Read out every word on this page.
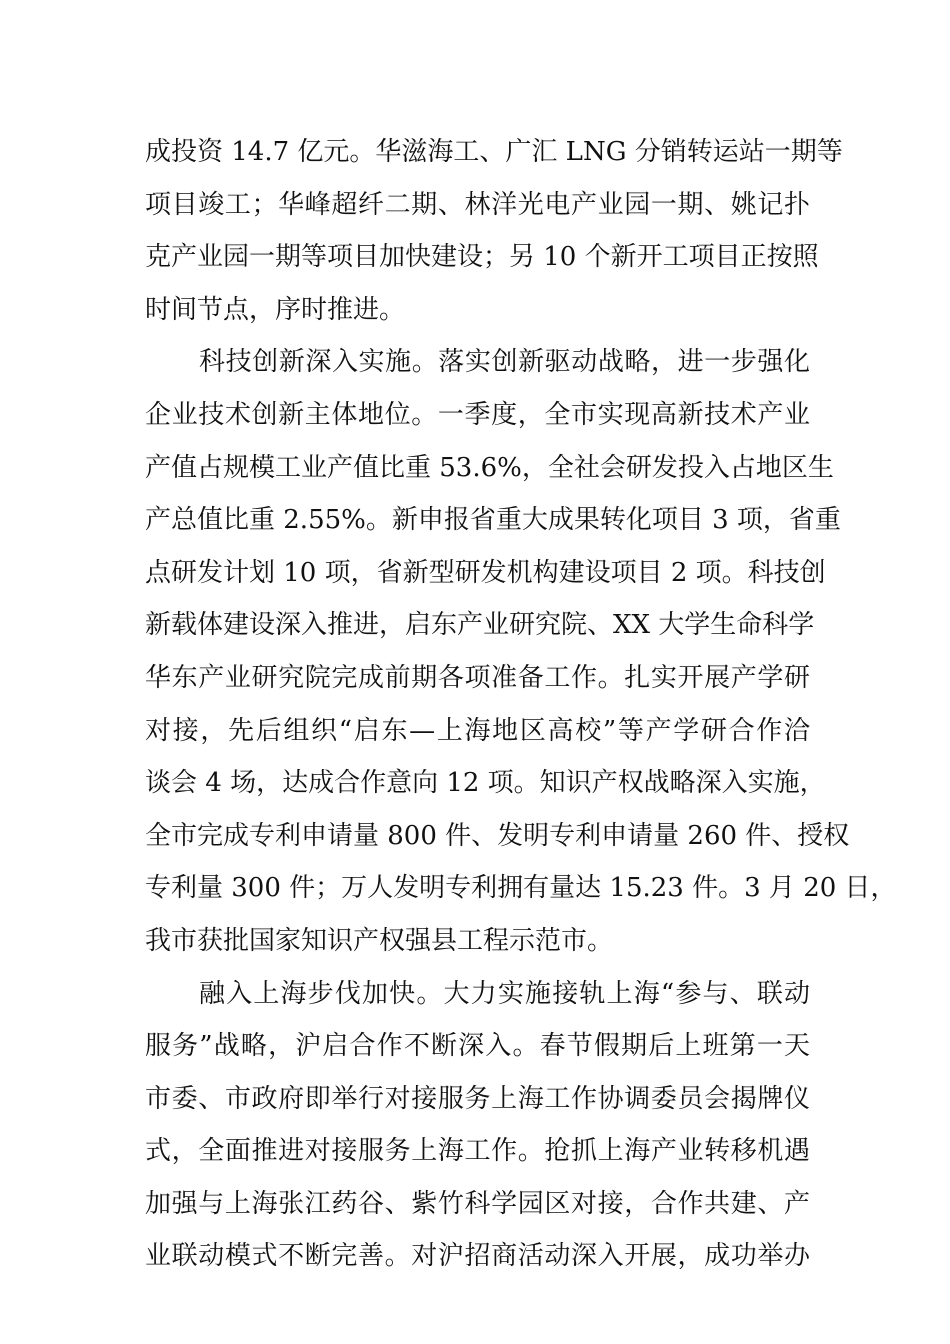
成投资 14.7 亿元。华滋海工、广汇 LNG 分销转运站一期等
项目竣工；华峰超纤二期、林洋光电产业园一期、姚记扑
克产业园一期等项目加快建设；另 10 个新开工项目正按照
时间节点，序时推进。
科技创新深入实施。落实创新驱动战略，进一步强化
企业技术创新主体地位。一季度，全市实现高新技术产业
产值占规模工业产值比重 53.6%，全社会研发投入占地区生
产总值比重 2.55%。新申报省重大成果转化项目 3 项，省重
点研发计划 10 项，省新型研发机构建设项目 2 项。科技创
新载体建设深入推进，启东产业研究院、XX 大学生命科学
华东产业研究院完成前期各项准备工作。扎实开展产学研
对接，先后组织“启东—上海地区高校”等产学研合作洽
谈会 4 场，达成合作意向 12 项。知识产权战略深入实施，
全市完成专利申请量 800 件、发明专利申请量 260 件、授权
专利量 300 件；万人发明专利拥有量达 15.23 件。3 月 20 日，
我市获批国家知识产权强县工程示范市。
融入上海步伐加快。大力实施接轨上海“参与、联动
服务”战略，沪启合作不断深入。春节假期后上班第一天
市委、市政府即举行对接服务上海工作协调委员会揭牌仪
式，全面推进对接服务上海工作。抢抓上海产业转移机遇
加强与上海张江药谷、紫竹科学园区对接，合作共建、产
业联动模式不断完善。对沪招商活动深入开展，成功举办
